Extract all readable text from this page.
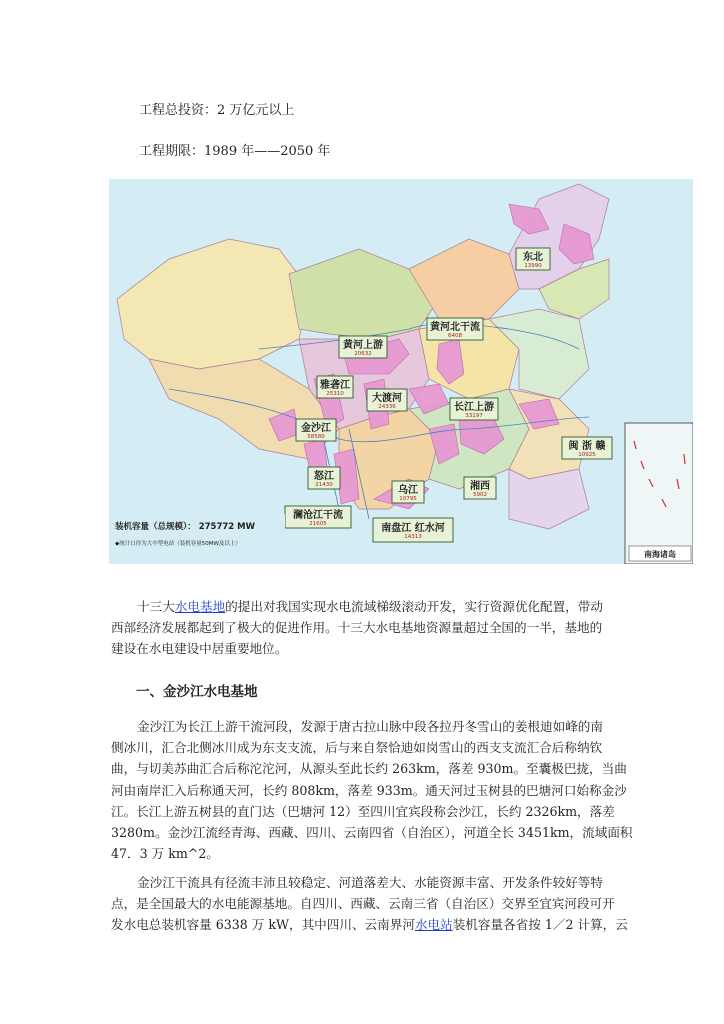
工程总投资：2 万亿元以上
工程期限：1989 年——2050 年
南海诸岛
东北
13990
黄河北干流
6408
黄河上游
20632
雅砻江
25310	大渡河
24336	长江上游
33197
金沙江
58580
闽 浙 赣
10925
怒江
21430	乌江
10795
湘西
5902
澜沧江干流
21605	南盘江 红水河
14313
装机容量（总规模）： 275772 MW
◆统计口径为大中型电站（装机容量50MW及以上）

十三大水电基地的提出对我国实现水电流域梯级滚动开发，实行资源优化配置，带动

西部经济发展都起到了极大的促进作用。十三大水电基地资源量超过全国的一半，基地的

建设在水电建设中居重要地位。

一、金沙江水电基地

金沙江为长江上游干流河段，发源于唐古拉山脉中段各拉丹冬雪山的姜根迪如峰的南

侧冰川，汇合北侧冰川成为东支支流，后与来自祭恰迪如岗雪山的西支支流汇合后称纳钦

曲，与切美苏曲汇合后称沱沱河，从源头至此长约 263km，落差 930m。至囊极巴拢，当曲

河由南岸汇入后称通天河，长约 808km，落差 933m。通天河过玉树县的巴塘河口始称金沙

江。长江上游五树县的直门达（巴塘河 12）至四川宜宾段称会沙江，长约 2326km，落差

3280m。金沙江流经青海、西藏、四川、云南四省（自治区），河道全长 3451km，流域面积

47．3 万 km^2。

金沙江干流具有径流丰沛且较稳定、河道落差大、水能资源丰富、开发条件较好等特

点，是全国最大的水电能源基地。自四川、西藏、云南三省（自治区）交界至宜宾河段可开

发水电总装机容量 6338 万 kW，其中四川、云南界河水电站装机容量各省按 1／2 计算，云
